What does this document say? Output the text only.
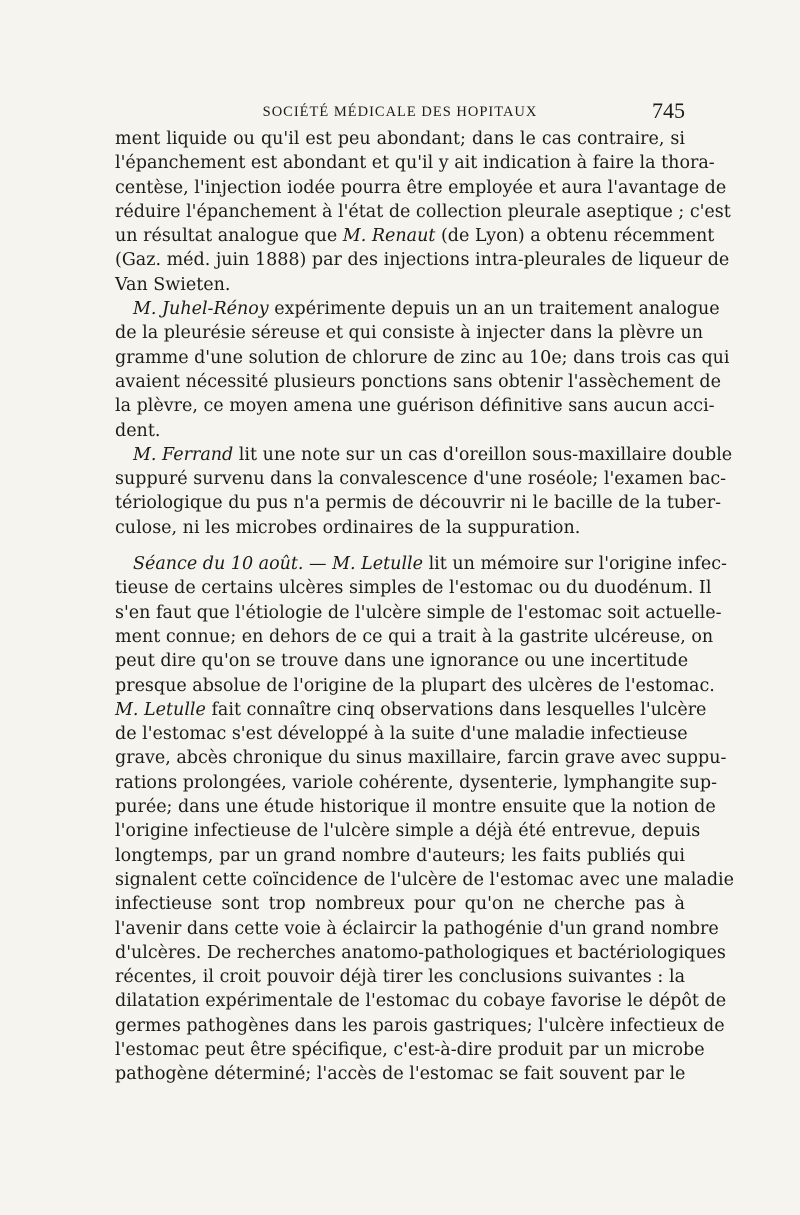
SOCIÉTÉ MÉDICALE DES HOPITAUX	745
ment liquide ou qu'il est peu abondant; dans le cas contraire, si
l'épanchement est abondant et qu'il y ait indication à faire la thora-
centèse, l'injection iodée pourra être employée et aura l'avantage de
réduire l'épanchement à l'état de collection pleurale aseptique ; c'est
un résultat analogue que M. Renaut (de Lyon) a obtenu récemment
(Gaz. méd. juin 1888) par des injections intra-pleurales de liqueur de
Van Swieten.
M. Juhel-Rénoy expérimente depuis un an un traitement analogue
de la pleurésie séreuse et qui consiste à injecter dans la plèvre un
gramme d'une solution de chlorure de zinc au 10e; dans trois cas qui
avaient nécessité plusieurs ponctions sans obtenir l'assèchement de
la plèvre, ce moyen amena une guérison définitive sans aucun acci-
dent.
M. Ferrand lit une note sur un cas d'oreillon sous-maxillaire double
suppuré survenu dans la convalescence d'une roséole; l'examen bac-
tériologique du pus n'a permis de découvrir ni le bacille de la tuber-
culose, ni les microbes ordinaires de la suppuration.
Séance du 10 août. — M. Letulle lit un mémoire sur l'origine infec-
tieuse de certains ulcères simples de l'estomac ou du duodénum. Il
s'en faut que l'étiologie de l'ulcère simple de l'estomac soit actuelle-
ment connue; en dehors de ce qui a trait à la gastrite ulcéreuse, on
peut dire qu'on se trouve dans une ignorance ou une incertitude
presque absolue de l'origine de la plupart des ulcères de l'estomac.
M. Letulle fait connaître cinq observations dans lesquelles l'ulcère
de l'estomac s'est développé à la suite d'une maladie infectieuse
grave, abcès chronique du sinus maxillaire, farcin grave avec suppu-
rations prolongées, variole cohérente, dysenterie, lymphangite sup-
purée; dans une étude historique il montre ensuite que la notion de
l'origine infectieuse de l'ulcère simple a déjà été entrevue, depuis
longtemps, par un grand nombre d'auteurs; les faits publiés qui
signalent cette coïncidence de l'ulcère de l'estomac avec une maladie
infectieuse sont trop nombreux pour qu'on ne cherche pas à
l'avenir dans cette voie à éclaircir la pathogénie d'un grand nombre
d'ulcères. De recherches anatomo-pathologiques et bactériologiques
récentes, il croit pouvoir déjà tirer les conclusions suivantes : la
dilatation expérimentale de l'estomac du cobaye favorise le dépôt de
germes pathogènes dans les parois gastriques; l'ulcère infectieux de
l'estomac peut être spécifique, c'est-à-dire produit par un microbe
pathogène déterminé; l'accès de l'estomac se fait souvent par le
